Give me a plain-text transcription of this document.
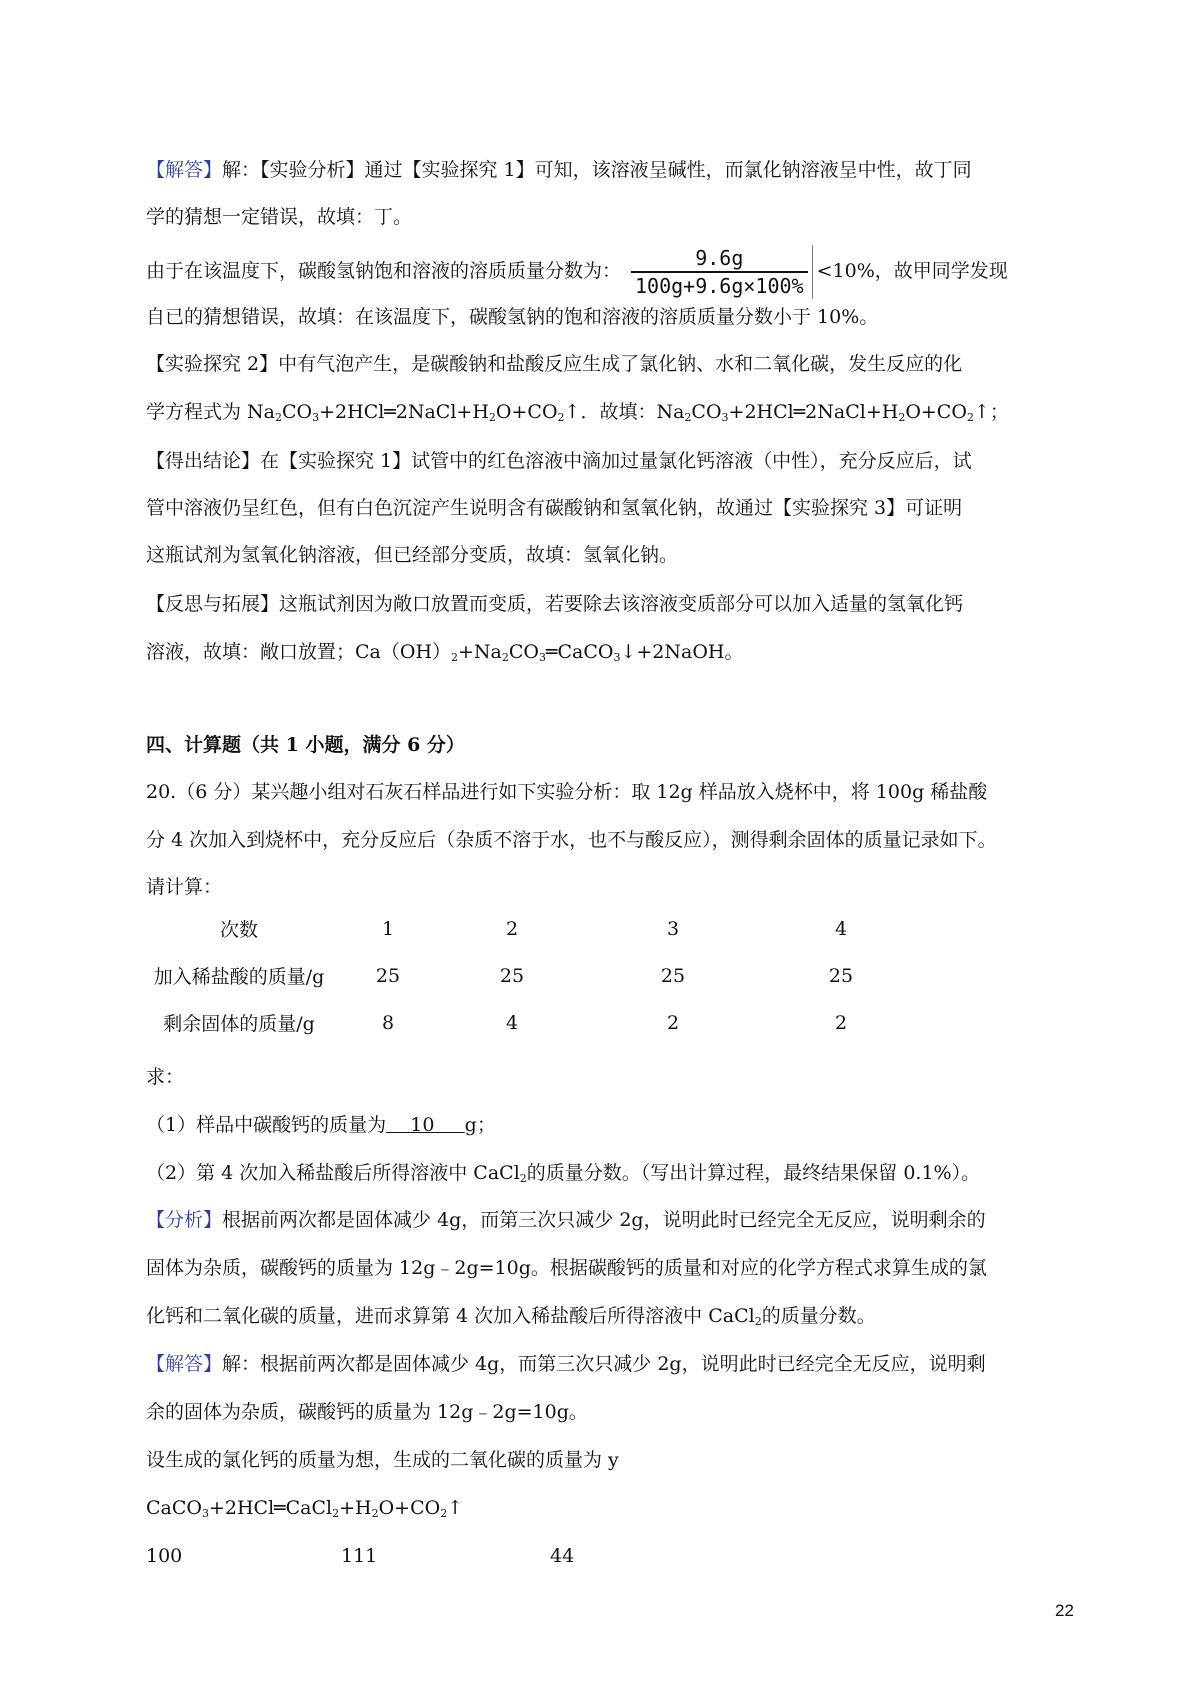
【解答】解：【实验分析】通过【实验探究 1】可知，该溶液呈碱性，而氯化钠溶液呈中性，故丁同
学的猜想一定错误，故填：丁。
由于在该温度下，碳酸氢钠饱和溶液的溶质质量分数为： $\frac{9.6g}{100g+9.6g\times 100\%} <10\%$，故甲同学发现
自已的猜想错误，故填：在该温度下，碳酸氢钠的饱和溶液的溶质质量分数小于 10%。
【实验探究 2】中有气泡产生，是碳酸钠和盐酸反应生成了氯化钠、水和二氧化碳，发生反应的化
学方程式为 $Na_2CO_3+2HCl═2NaCl+H_2O+CO_2↑$．故填：$Na_2CO_3+2HCl═2NaCl+H_2O+CO_2↑$；
【得出结论】在【实验探究 1】试管中的红色溶液中滴加过量氯化钙溶液（中性），充分反应后，试
管中溶液仍呈红色，但有白色沉淀产生说明含有碳酸钠和氢氧化钠，故通过【实验探究 3】可证明
这瓶试剂为氢氧化钠溶液，但已经部分变质，故填：氢氧化钠。
【反思与拓展】这瓶试剂因为敞口放置而变质，若要除去该溶液变质部分可以加入适量的氢氧化钙
溶液，故填：敞口放置；$Ca(OH)_2+Na_2CO_3═CaCO_3↓+2NaOH$。
四、计算题（共 1 小题，满分 6 分）
20.（6 分）某兴趣小组对石灰石样品进行如下实验分析：取 12g 样品放入烧杯中，将 100g 稀盐酸
分 4 次加入到烧杯中，充分反应后（杂质不溶于水，也不与酸反应），测得剩余固体的质量记录如下。
请计算：
次数	1	2	3	4
加入稀盐酸的质量/g	25	25	25	25
剩余固体的质量/g	8	4	2	2
求：
（1）样品中碳酸钙的质量为 10 g；
（2）第 4 次加入稀盐酸后所得溶液中 CaCl$_2$的质量分数。（写出计算过程，最终结果保留 0.1%）。
【分析】根据前两次都是固体减少 4g，而第三次只减少 2g，说明此时已经完全无反应，说明剩余的
固体为杂质，碳酸钙的质量为 12g﹣2g=10g。根据碳酸钙的质量和对应的化学方程式求算生成的氯
化钙和二氧化碳的质量，进而求算第 4 次加入稀盐酸后所得溶液中 CaCl$_2$的质量分数。
【解答】解：根据前两次都是固体减少 4g，而第三次只减少 2g，说明此时已经完全无反应，说明剩
余的固体为杂质，碳酸钙的质量为 12g﹣2g=10g。
设生成的氯化钙的质量为想，生成的二氧化碳的质量为 y
$CaCO_3+2HCl═CaCl_2+H_2O+CO_2↑$
100	111	44
22
